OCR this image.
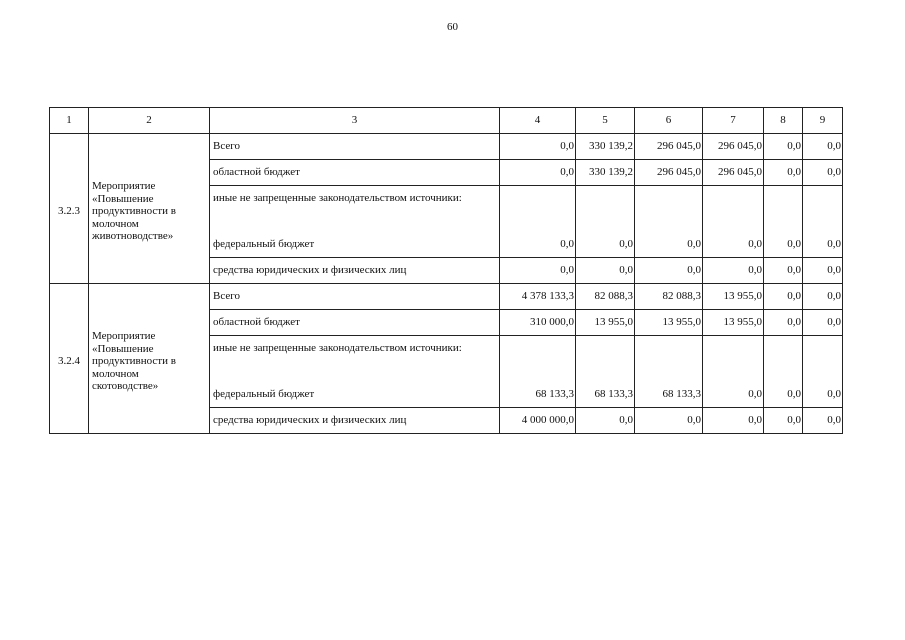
60
1	2	3	4	5	6	7	8	9
3.2.3	Мероприятие «Повышение продуктивности в молочном животноводстве»	Всего	0,0	330 139,2	296 045,0	296 045,0	0,0	0,0
		областной бюджет	0,0	330 139,2	296 045,0	296 045,0	0,0	0,0
		иные не запрещенные законодательством источники:						
		федеральный бюджет	0,0	0,0	0,0	0,0	0,0	0,0
		средства юридических и физических лиц	0,0	0,0	0,0	0,0	0,0	0,0
3.2.4	Мероприятие «Повышение продуктивности в молочном скотоводстве»	Всего	4 378 133,3	82 088,3	82 088,3	13 955,0	0,0	0,0
		областной бюджет	310 000,0	13 955,0	13 955,0	13 955,0	0,0	0,0
		иные не запрещенные законодательством источники:						
		федеральный бюджет	68 133,3	68 133,3	68 133,3	0,0	0,0	0,0
		средства юридических и физических лиц	4 000 000,0	0,0	0,0	0,0	0,0	0,0
